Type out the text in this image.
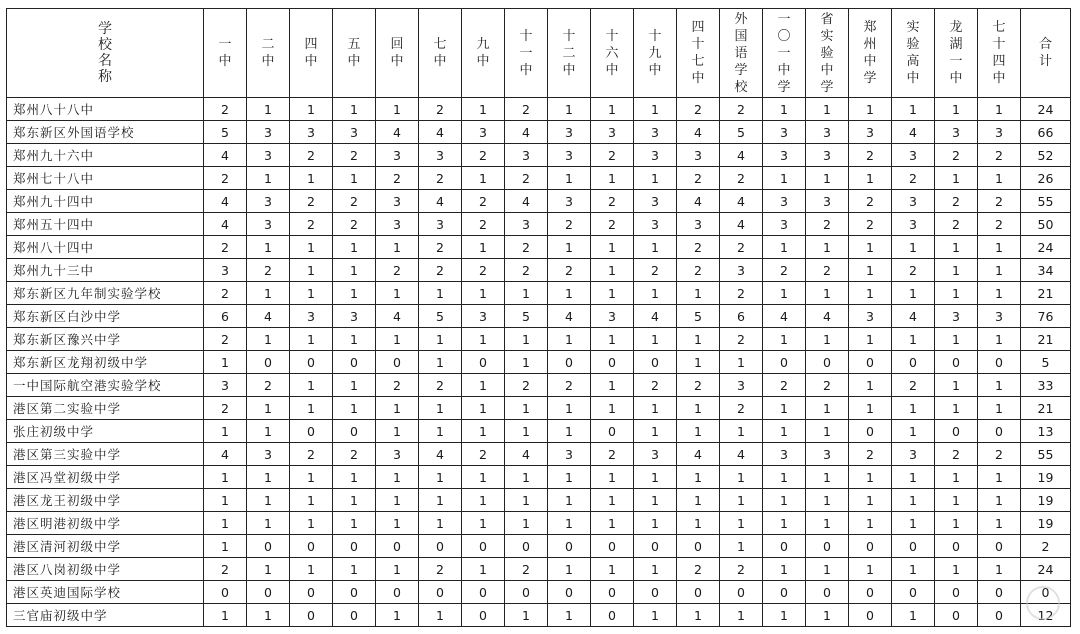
学校名称	一中	二中	四中	五中	回中	七中	九中	十一中	十二中	十六中	十九中	四十七中	外国语学校	一〇一中学	省实验中学	郑州中学	实验高中	龙湖一中	七十四中	合计
郑州八十八中	2	1	1	1	1	2	1	2	1	1	1	2	2	1	1	1	1	1	1	24
郑东新区外国语学校	5	3	3	3	4	4	3	4	3	3	3	4	5	3	3	3	4	3	3	66
郑州九十六中	4	3	2	2	3	3	2	3	3	2	3	3	4	3	3	2	3	2	2	52
郑州七十八中	2	1	1	1	2	2	1	2	1	1	1	2	2	1	1	1	2	1	1	26
郑州九十四中	4	3	2	2	3	4	2	4	3	2	3	4	4	3	3	2	3	2	2	55
郑州五十四中	4	3	2	2	3	3	2	3	2	2	3	3	4	3	2	2	3	2	2	50
郑州八十四中	2	1	1	1	1	2	1	2	1	1	1	2	2	1	1	1	1	1	1	24
郑州九十三中	3	2	1	1	2	2	2	2	2	1	2	2	3	2	2	1	2	1	1	34
郑东新区九年制实验学校	2	1	1	1	1	1	1	1	1	1	1	1	2	1	1	1	1	1	1	21
郑东新区白沙中学	6	4	3	3	4	5	3	5	4	3	4	5	6	4	4	3	4	3	3	76
郑东新区豫兴中学	2	1	1	1	1	1	1	1	1	1	1	1	2	1	1	1	1	1	1	21
郑东新区龙翔初级中学	1	0	0	0	0	1	0	1	0	0	0	1	1	0	0	0	0	0	0	5
一中国际航空港实验学校	3	2	1	1	2	2	1	2	2	1	2	2	3	2	2	1	2	1	1	33
港区第二实验中学	2	1	1	1	1	1	1	1	1	1	1	1	2	1	1	1	1	1	1	21
张庄初级中学	1	1	0	0	1	1	1	1	1	0	1	1	1	1	1	0	1	0	0	13
港区第三实验中学	4	3	2	2	3	4	2	4	3	2	3	4	4	3	3	2	3	2	2	55
港区冯堂初级中学	1	1	1	1	1	1	1	1	1	1	1	1	1	1	1	1	1	1	1	19
港区龙王初级中学	1	1	1	1	1	1	1	1	1	1	1	1	1	1	1	1	1	1	1	19
港区明港初级中学	1	1	1	1	1	1	1	1	1	1	1	1	1	1	1	1	1	1	1	19
港区清河初级中学	1	0	0	0	0	0	0	0	0	0	0	0	1	0	0	0	0	0	0	2
港区八岗初级中学	2	1	1	1	1	2	1	2	1	1	1	2	2	1	1	1	1	1	1	24
港区英迪国际学校	0	0	0	0	0	0	0	0	0	0	0	0	0	0	0	0	0	0	0	0
三官庙初级中学	1	1	0	0	1	1	0	1	1	0	1	1	1	1	1	0	1	0	0	12
